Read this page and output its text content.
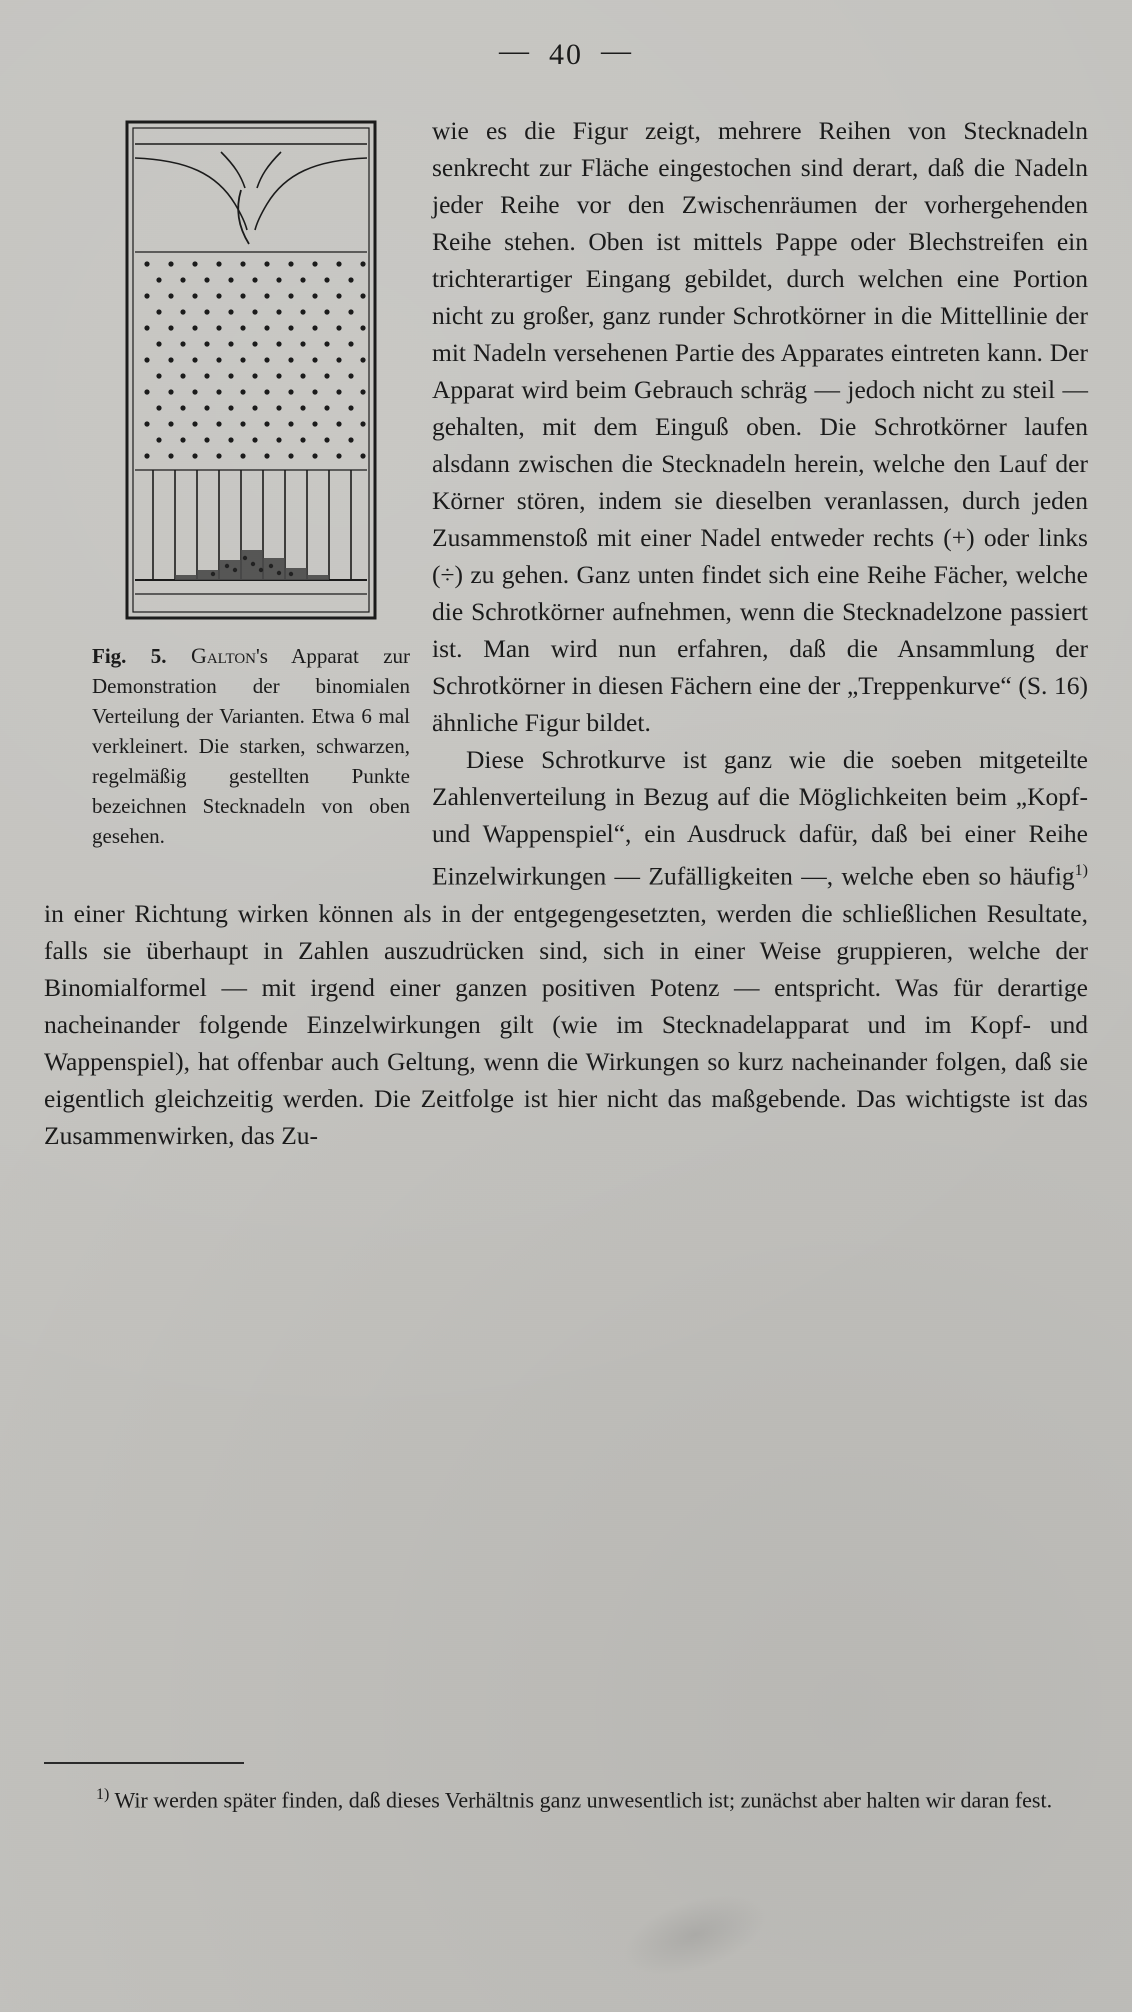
— 40 —
Fig. 5. Galton's Apparat zur Demonstration der binomialen Verteilung der Varianten. Etwa 6 mal verkleinert. Die starken, schwarzen, regelmäßig gestellten Punkte bezeichnen Stecknadeln von oben gesehen.

wie es die Figur zeigt, mehrere Reihen von Stecknadeln senkrecht zur Fläche eingestochen sind derart, daß die Nadeln jeder Reihe vor den Zwischenräumen der vorhergehenden Reihe stehen. Oben ist mittels Pappe oder Blechstreifen ein trichterartiger Eingang gebildet, durch welchen eine Portion nicht zu großer, ganz runder Schrotkörner in die Mittellinie der mit Nadeln versehenen Partie des Apparates eintreten kann. Der Apparat wird beim Gebrauch schräg — jedoch nicht zu steil — gehalten, mit dem Einguß oben. Die Schrotkörner laufen alsdann zwischen die Stecknadeln herein, welche den Lauf der Körner stören, indem sie dieselben veranlassen, durch jeden Zusammenstoß mit einer Nadel entweder rechts (+) oder links (÷) zu gehen. Ganz unten findet sich eine Reihe Fächer, welche die Schrotkörner aufnehmen, wenn die Stecknadelzone passiert ist. Man wird nun erfahren, daß die Ansammlung der Schrotkörner in diesen Fächern eine der „Treppenkurve“ (S. 16) ähnliche Figur bildet.

Diese Schrotkurve ist ganz wie die soeben mitgeteilte Zahlenverteilung in Bezug auf die Möglichkeiten beim „Kopf- und Wappenspiel“, ein Ausdruck dafür, daß bei einer Reihe Einzelwirkungen — Zufälligkeiten —, welche eben so häufig$^{1)}$ in einer Richtung wirken können als in der entgegengesetzten, werden die schließlichen Resultate, falls sie überhaupt in Zahlen auszudrücken sind, sich in einer Weise gruppieren, welche der Binomialformel — mit irgend einer ganzen positiven Potenz — entspricht. Was für derartige nacheinander folgende Einzelwirkungen gilt (wie im Stecknadelapparat und im Kopf- und Wappenspiel), hat offenbar auch Geltung, wenn die Wirkungen so kurz nacheinander folgen, daß sie eigentlich gleichzeitig werden. Die Zeitfolge ist hier nicht das maßgebende. Das wichtigste ist das Zusammenwirken, das Zu-

$^{1)}$ Wir werden später finden, daß dieses Verhältnis ganz unwesentlich ist; zunächst aber halten wir daran fest.
